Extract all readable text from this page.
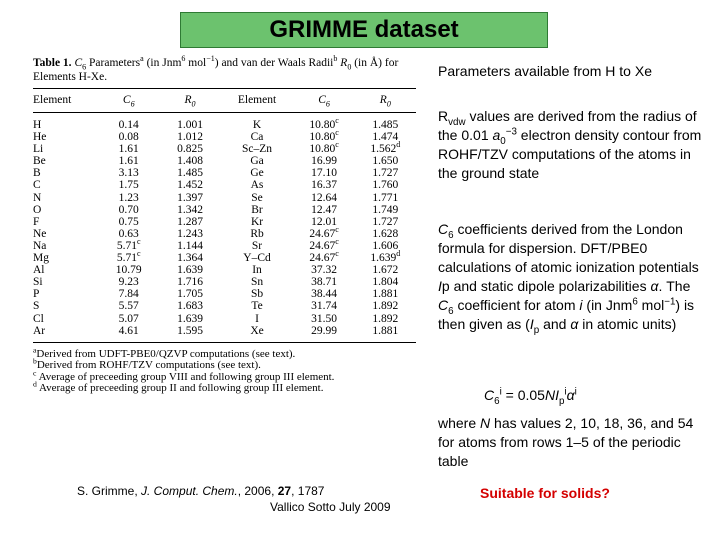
GRIMME dataset
Table 1. $C_6$ Parameters$^a$ (in Jnm$^6$ mol$^{-1}$) and van der Waals Radii$^b$ $R_0$ (in Å) for Elements H-Xe.
Element	$C_6$	$R_0$	Element	$C_6$	$R_0$
H	0.14	1.001	K	10.80$^c$	1.485
He	0.08	1.012	Ca	10.80$^c$	1.474
Li	1.61	0.825	Sc–Zn	10.80$^c$	1.562$^d$
Be	1.61	1.408	Ga	16.99	1.650
B	3.13	1.485	Ge	17.10	1.727
C	1.75	1.452	As	16.37	1.760
N	1.23	1.397	Se	12.64	1.771
O	0.70	1.342	Br	12.47	1.749
F	0.75	1.287	Kr	12.01	1.727
Ne	0.63	1.243	Rb	24.67$^c$	1.628
Na	5.71$^c$	1.144	Sr	24.67$^c$	1.606
Mg	5.71$^c$	1.364	Y–Cd	24.67$^c$	1.639$^d$
Al	10.79	1.639	In	37.32	1.672
Si	9.23	1.716	Sn	38.71	1.804
P	7.84	1.705	Sb	38.44	1.881
S	5.57	1.683	Te	31.74	1.892
Cl	5.07	1.639	I	31.50	1.892
Ar	4.61	1.595	Xe	29.99	1.881
$^a$Derived from UDFT-PBE0/QZVP computations (see text).
$^b$Derived from ROHF/TZV computations (see text).
$^c$ Average of preceeding group VIII and following group III element.
$^d$ Average of preceeding group II and following group III element.

Parameters available from H to Xe

$R_{vdw}$ values are derived from the radius of the 0.01 $a_0^{-3}$ electron density contour from ROHF/TZV computations of the atoms in the ground state

$C_6$ coefficients derived from the London formula for dispersion. DFT/PBE0 calculations of atomic ionization potentials Ip and static dipole polarizabilities α. The $C_6$ coefficient for atom i (in Jnm$^6$ mol$^{-1}$) is then given as ($I_p$ and α in atomic units)

$C_6^i = 0.05NI_p^i\alpha^i$

where N has values 2, 10, 18, 36, and 54 for atoms from rows 1–5 of the periodic table

Suitable for solids?
S. Grimme, J. Comput. Chem., 2006, 27, 1787
Vallico Sotto July 2009
